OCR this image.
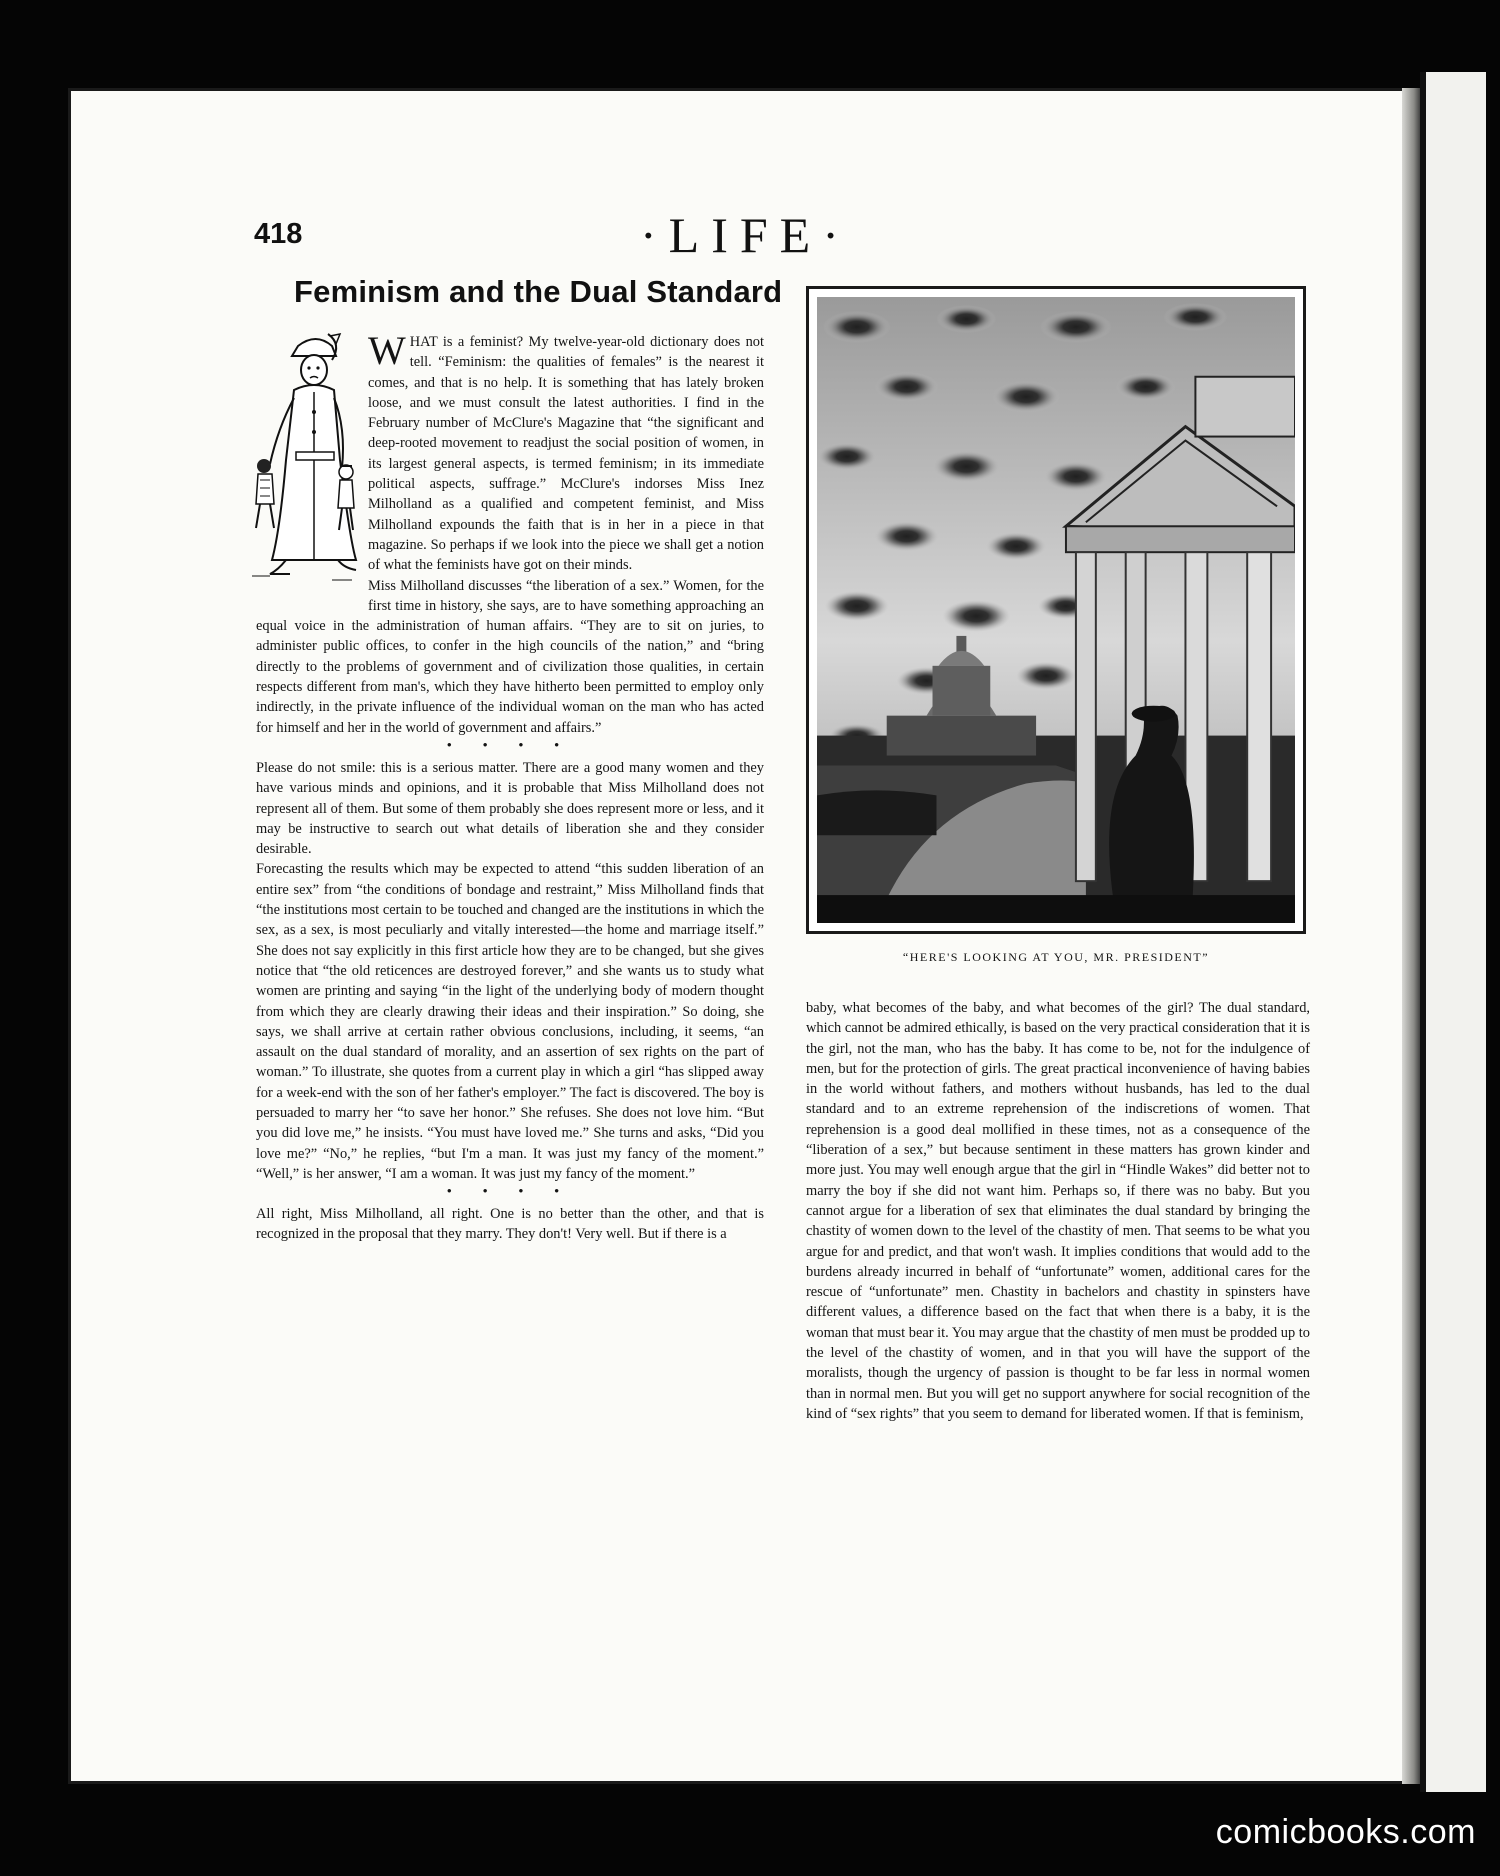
418	·LIFE·
Feminism and the Dual Standard

WHAT is a feminist? My twelve-year-old dictionary does not tell. “Feminism: the qualities of females” is the nearest it comes, and that is no help. It is something that has lately broken loose, and we must consult the latest authorities. I find in the February number of McClure's Magazine that “the significant and deep-rooted movement to readjust the social position of women, in its largest general aspects, is termed feminism; in its immediate political aspects, suffrage.” McClure's indorses Miss Inez Milholland as a qualified and competent feminist, and Miss Milholland expounds the faith that is in her in a piece in that magazine. So perhaps if we look into the piece we shall get a notion of what the feminists have got on their minds.

Miss Milholland discusses “the liberation of a sex.” Women, for the first time in history, she says, are to have something approaching an equal voice in the administration of human affairs. “They are to sit on juries, to administer public offices, to confer in the high councils of the nation,” and “bring directly to the problems of government and of civilization those qualities, in certain respects different from man's, which they have hitherto been permitted to employ only indirectly, in the private influence of the individual woman on the man who has acted for himself and her in the world of government and affairs.”

• • • •

Please do not smile: this is a serious matter. There are a good many women and they have various minds and opinions, and it is probable that Miss Milholland does not represent all of them. But some of them probably she does represent more or less, and it may be instructive to search out what details of liberation she and they consider desirable.

Forecasting the results which may be expected to attend “this sudden liberation of an entire sex” from “the conditions of bondage and restraint,” Miss Milholland finds that “the institutions most certain to be touched and changed are the institutions in which the sex, as a sex, is most peculiarly and vitally interested—the home and marriage itself.” She does not say explicitly in this first article how they are to be changed, but she gives notice that “the old reticences are destroyed forever,” and she wants us to study what women are printing and saying “in the light of the underlying body of modern thought from which they are clearly drawing their ideas and their inspiration.” So doing, she says, we shall arrive at certain rather obvious conclusions, including, it seems, “an assault on the dual standard of morality, and an assertion of sex rights on the part of woman.” To illustrate, she quotes from a current play in which a girl “has slipped away for a week-end with the son of her father's employer.” The fact is discovered. The boy is persuaded to marry her “to save her honor.” She refuses. She does not love him. “But you did love me,” he insists. “You must have loved me.” She turns and asks, “Did you love me?” “No,” he replies, “but I'm a man. It was just my fancy of the moment.” “Well,” is her answer, “I am a woman. It was just my fancy of the moment.”

• • • •

All right, Miss Milholland, all right. One is no better than the other, and that is recognized in the proposal that they marry. They don't! Very well. But if there is a

“HERE'S LOOKING AT YOU, MR. PRESIDENT”

baby, what becomes of the baby, and what becomes of the girl? The dual standard, which cannot be admired ethically, is based on the very practical consideration that it is the girl, not the man, who has the baby. It has come to be, not for the indulgence of men, but for the protection of girls. The great practical inconvenience of having babies in the world without fathers, and mothers without husbands, has led to the dual standard and to an extreme reprehension of the indiscretions of women. That reprehension is a good deal mollified in these times, not as a consequence of the “liberation of a sex,” but because sentiment in these matters has grown kinder and more just. You may well enough argue that the girl in “Hindle Wakes” did better not to marry the boy if she did not want him. Perhaps so, if there was no baby. But you cannot argue for a liberation of sex that eliminates the dual standard by bringing the chastity of women down to the level of the chastity of men. That seems to be what you argue for and predict, and that won't wash. It implies conditions that would add to the burdens already incurred in behalf of “unfortunate” women, additional cares for the rescue of “unfortunate” men. Chastity in bachelors and chastity in spinsters have different values, a difference based on the fact that when there is a baby, it is the woman that must bear it. You may argue that the chastity of men must be prodded up to the level of the chastity of women, and in that you will have the support of the moralists, though the urgency of passion is thought to be far less in normal women than in normal men. But you will get no support anywhere for social recognition of the kind of “sex rights” that you seem to demand for liberated women. If that is feminism,

comicbooks.com
